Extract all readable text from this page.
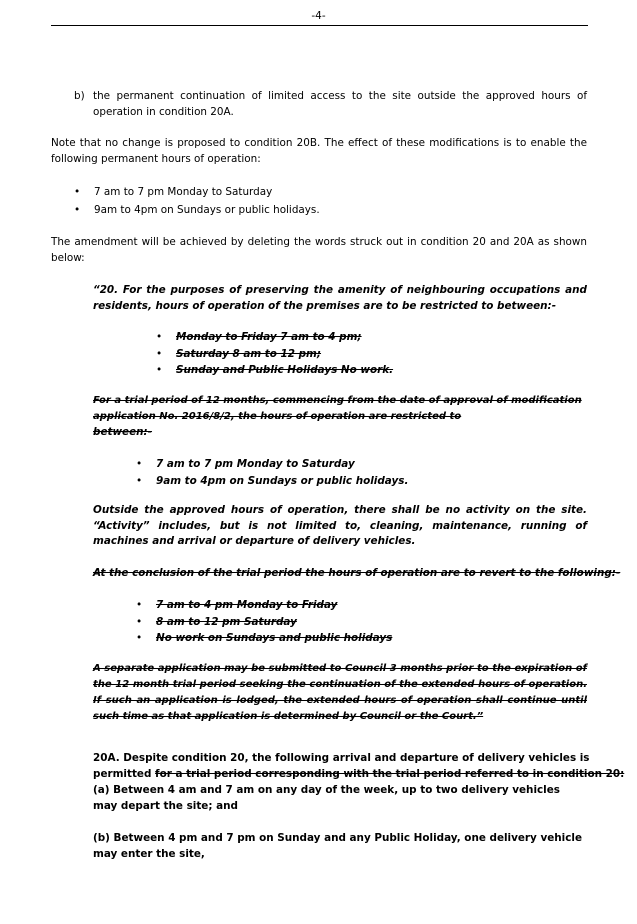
-4-
b) the permanent continuation of limited access to the site outside the approved hours of operation in condition 20A.
Note that no change is proposed to condition 20B. The effect of these modifications is to enable the following permanent hours of operation:
• 7 am to 7 pm Monday to Saturday
• 9am to 4pm on Sundays or public holidays.
The amendment will be achieved by deleting the words struck out in condition 20 and 20A as shown below:
“20. For the purposes of preserving the amenity of neighbouring occupations and residents, hours of operation of the premises are to be restricted to between:-
• Monday to Friday 7 am to 4 pm;
• Saturday 8 am to 12 pm;
• Sunday and Public Holidays No work.
For a trial period of 12 months, commencing from the date of approval of modification
application No. 2016/8/2, the hours of operation are restricted to
between:-
• 7 am to 7 pm Monday to Saturday
• 9am to 4pm on Sundays or public holidays.
Outside the approved hours of operation, there shall be no activity on the site. “Activity” includes, but is not limited to, cleaning, maintenance, running of machines and arrival or departure of delivery vehicles.
At the conclusion of the trial period the hours of operation are to revert to the following:-
• 7 am to 4 pm Monday to Friday
• 8 am to 12 pm Saturday
• No work on Sundays and public holidays
A separate application may be submitted to Council 3 months prior to the expiration of the 12 month trial period seeking the continuation of the extended hours of operation. If such an application is lodged, the extended hours of operation shall continue until such time as that application is determined by Council or the Court.”
20A. Despite condition 20, the following arrival and departure of delivery vehicles is
permitted for a trial period corresponding with the trial period referred to in condition 20:
(a) Between 4 am and 7 am on any day of the week, up to two delivery vehicles may depart the site; and
(b) Between 4 pm and 7 pm on Sunday and any Public Holiday, one delivery vehicle may enter the site,
